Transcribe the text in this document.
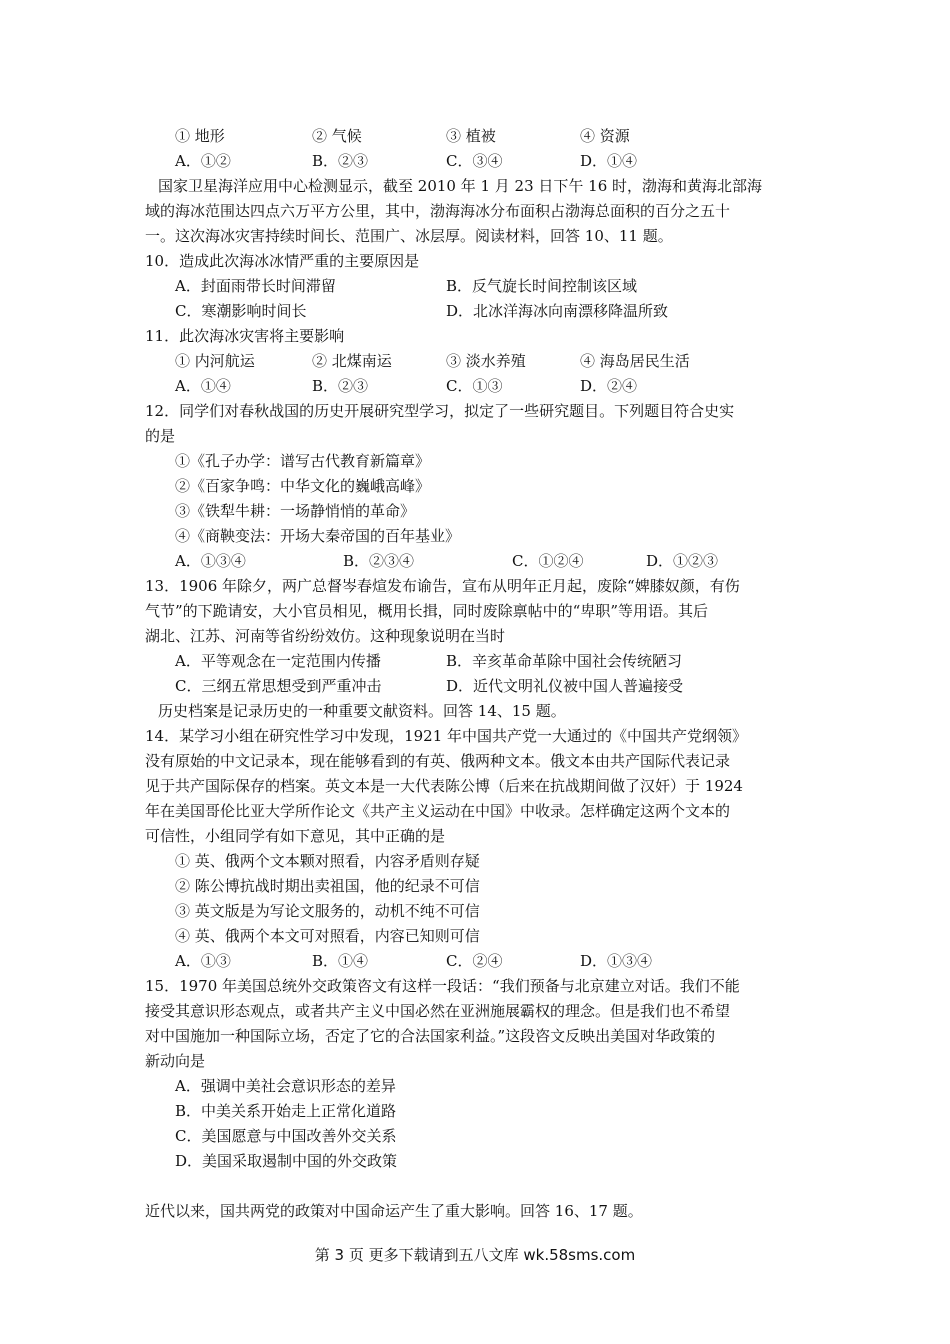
① 地形	② 气候	③ 植被	④ 资源
A．①②	B．②③	C．③④	D．①④
国家卫星海洋应用中心检测显示，截至 2010 年 1 月 23 日下午 16 时，渤海和黄海北部海
域的海冰范围达四点六万平方公里，其中，渤海海冰分布面积占渤海总面积的百分之五十
一。这次海冰灾害持续时间长、范围广、冰层厚。阅读材料，回答 10、11 题。
10．造成此次海冰冰情严重的主要原因是
A．封面雨带长时间滞留	B．反气旋长时间控制该区域
C．寒潮影响时间长	D．北冰洋海冰向南漂移降温所致
11．此次海冰灾害将主要影响
① 内河航运	② 北煤南运	③ 淡水养殖	④ 海岛居民生活
A．①④	B．②③	C．①③	D．②④
12．同学们对春秋战国的历史开展研究型学习，拟定了一些研究题目。下列题目符合史实
的是
①《孔子办学：谱写古代教育新篇章》
②《百家争鸣：中华文化的巍峨高峰》
③《铁犁牛耕：一场静悄悄的革命》
④《商鞅变法：开场大秦帝国的百年基业》
A．①③④	B．②③④	C．①②④	D．①②③
13．1906 年除夕，两广总督岑春煊发布谕告，宣布从明年正月起，废除“婢膝奴颜，有伤
气节”的下跪请安，大小官员相见，概用长揖，同时废除禀帖中的“卑职”等用语。其后
湖北、江苏、河南等省纷纷效仿。这种现象说明在当时
A．平等观念在一定范围内传播	B．辛亥革命革除中国社会传统陋习
C．三纲五常思想受到严重冲击	D．近代文明礼仪被中国人普遍接受
历史档案是记录历史的一种重要文献资料。回答 14、15 题。
14．某学习小组在研究性学习中发现，1921 年中国共产党一大通过的《中国共产党纲领》
没有原始的中文记录本，现在能够看到的有英、俄两种文本。俄文本由共产国际代表记录
见于共产国际保存的档案。英文本是一大代表陈公博（后来在抗战期间做了汉奸）于 1924
年在美国哥伦比亚大学所作论文《共产主义运动在中国》中收录。怎样确定这两个文本的
可信性，小组同学有如下意见，其中正确的是
① 英、俄两个文本颗对照看，内容矛盾则存疑
② 陈公博抗战时期出卖祖国，他的纪录不可信
③ 英文版是为写论文服务的，动机不纯不可信
④ 英、俄两个本文可对照看，内容已知则可信
A．①③	B．①④	C．②④	D．①③④
15．1970 年美国总统外交政策咨文有这样一段话：“我们预备与北京建立对话。我们不能
接受其意识形态观点，或者共产主义中国必然在亚洲施展霸权的理念。但是我们也不希望
对中国施加一种国际立场，否定了它的合法国家利益。”这段咨文反映出美国对华政策的
新动向是
A．强调中美社会意识形态的差异
B．中美关系开始走上正常化道路
C．美国愿意与中国改善外交关系
D．美国采取遏制中国的外交政策
近代以来，国共两党的政策对中国命运产生了重大影响。回答 16、17 题。
第 3 页 更多下载请到五八文库 wk.58sms.com
